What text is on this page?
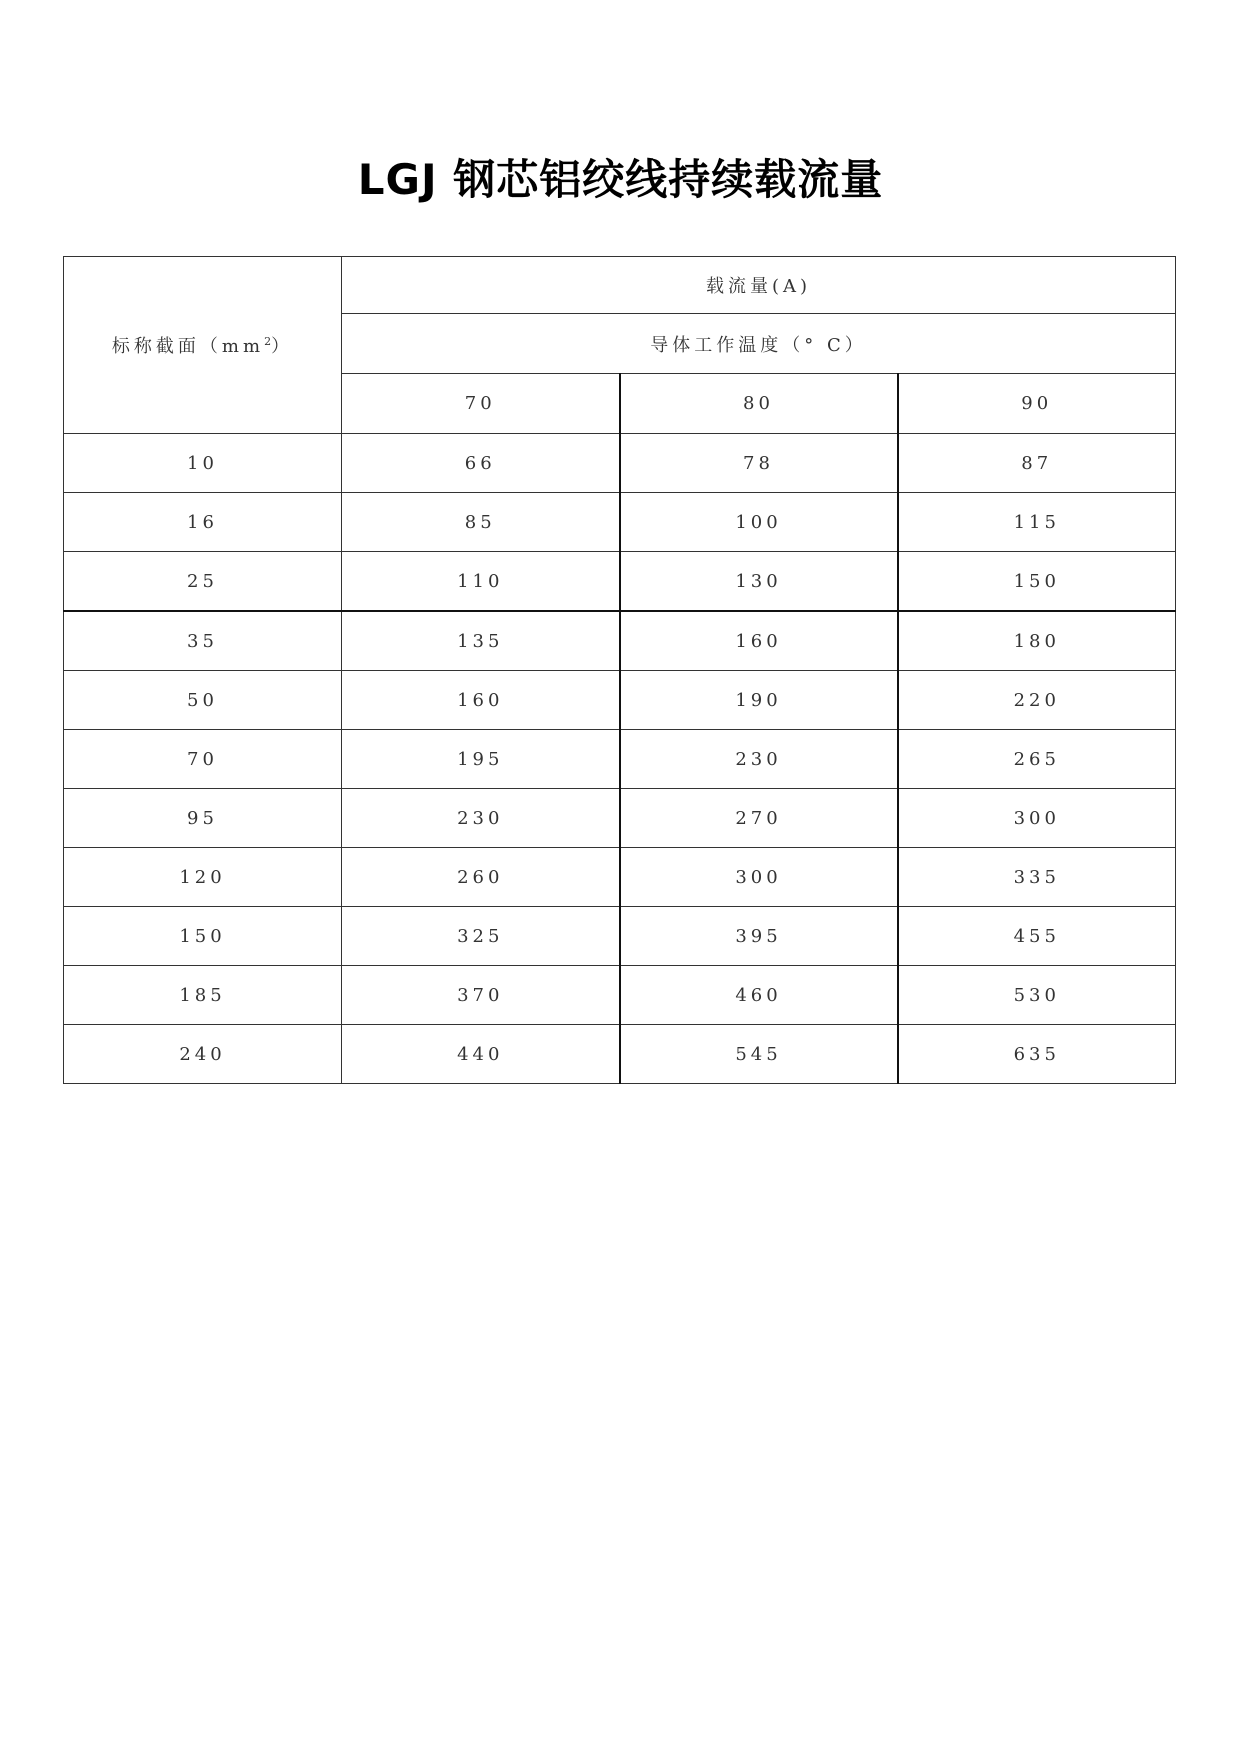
LGJ 钢芯铝绞线持续载流量
标称截面$(mm^2)$	载流量(A)		
	导体工作温度（° C）		
	70	80	90
10	66	78	87
16	85	100	115
25	110	130	150
35	135	160	180
50	160	190	220
70	195	230	265
95	230	270	300
120	260	300	335
150	325	395	455
185	370	460	530
240	440	545	635
